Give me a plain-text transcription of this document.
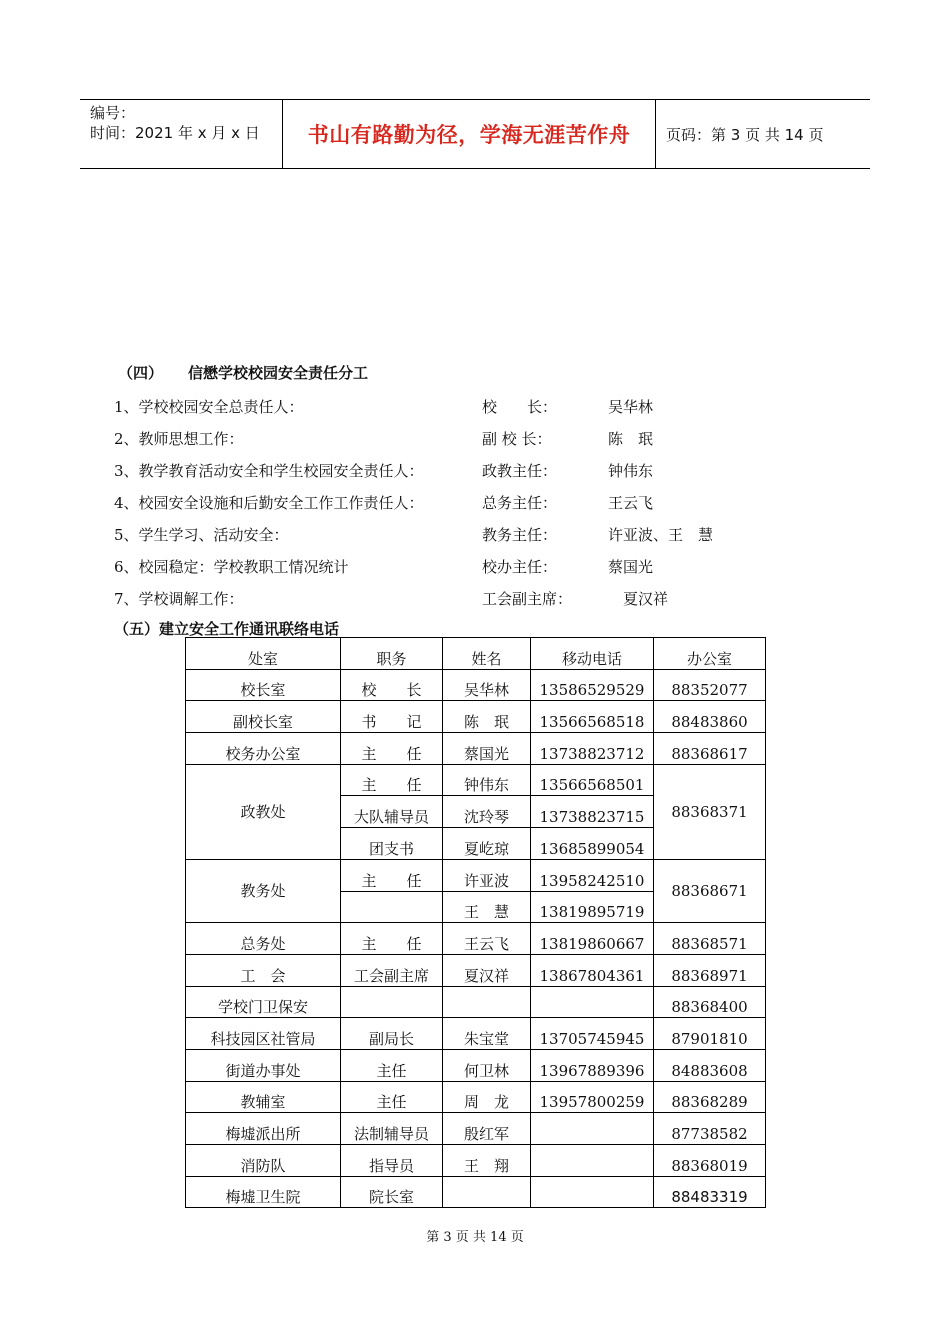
编号：
时间：2021 年 x 月 x 日	书山有路勤为径，学海无涯苦作舟	页码：第 3 页 共 14 页
（四） 信懋学校校园安全责任分工
1、学校校园安全总责任人：	校　　长：	吴华林
2、教师思想工作：	副 校 长：	陈　珉
3、教学教育活动安全和学生校园安全责任人：	政教主任：	钟伟东
4、校园安全设施和后勤安全工作工作责任人：	总务主任：	王云飞
5、学生学习、活动安全：	教务主任：	许亚波、王　慧
6、校园稳定：学校教职工情况统计	校办主任：	蔡国光
7、学校调解工作：	工会副主席： 　夏汉祥
（五）建立安全工作通讯联络电话
处室	职务	姓名	移动电话	办公室
校长室	校　　长	吴华林	13586529529	88352077
副校长室	书　　记	陈　珉	13566568518	88483860
校务办公室	主　　任	蔡国光	13738823712	88368617
政教处	主　　任	钟伟东	13566568501	88368371
	大队辅导员	沈玲琴	13738823715	
	团支书	夏屹琼	13685899054	
教务处	主　　任	许亚波	13958242510	88368671
		王　慧	13819895719	
总务处	主　　任	王云飞	13819860667	88368571
工　会	工会副主席	夏汉祥	13867804361	88368971
学校门卫保安				88368400
科技园区社管局	副局长	朱宝堂	13705745945	87901810
街道办事处	主任	何卫林	13967889396	84883608
教辅室	主任	周　龙	13957800259	88368289
梅墟派出所	法制辅导员	殷红军		87738582
消防队	指导员	王　翔		88368019
梅墟卫生院	院长室			88483319
第 3 页 共 14 页
